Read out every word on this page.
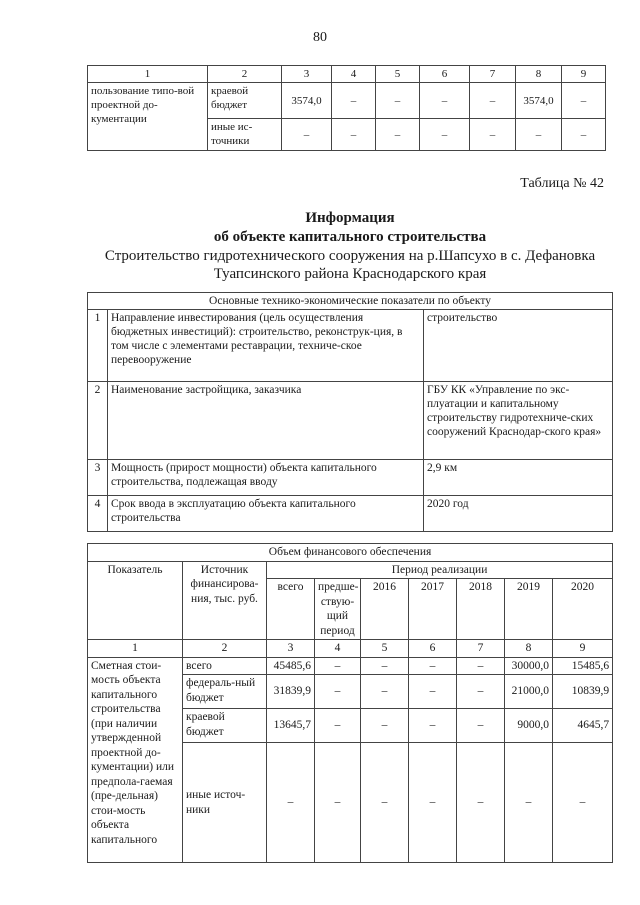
80
1	2	3	4	5	6	7	8	9
пользование типо-вой проектной до-кументации	краевой бюджет	3574,0	–	–	–	–	3574,0	–
	иные ис-точники	–	–	–	–	–	–	–
Таблица № 42
Информация
об объекте капитального строительства
Строительство гидротехнического сооружения на р.Шапсухо в с. Дефановка
Туапсинского района Краснодарского края
Основные технико-экономические показатели по объекту		
1	Направление инвестирования (цель осуществления бюджетных инвестиций): строительство, реконструк-ция, в том числе с элементами реставрации, техниче-ское перевооружение	строительство
2	Наименование застройщика, заказчика	ГБУ КК «Управление по экс-плуатации и капитальному строительству гидротехниче-ских сооружений Краснодар-ского края»
3	Мощность (прирост мощности) объекта капитального строительства, подлежащая вводу	2,9 км
4	Срок ввода в эксплуатацию объекта капитального строительства	2020 год
Объем финансового обеспечения								
Показатель	Источник финансирова-ния, тыс. руб.	Период реализации						
		всего	предше-ствую-щий период	2016	2017	2018	2019	2020
1	2	3	4	5	6	7	8	9
Сметная стои-мость объекта капитального строительства (при наличии утвержденной проектной до-кументации) или предпола-гаемая (пре-дельная) стои-мость объекта капитального	всего	45485,6	–	–	–	–	30000,0	15485,6
	федераль-ный бюджет	31839,9	–	–	–	–	21000,0	10839,9
	краевой бюджет	13645,7	–	–	–	–	9000,0	4645,7
	иные источ-ники	–	–	–	–	–	–	–
